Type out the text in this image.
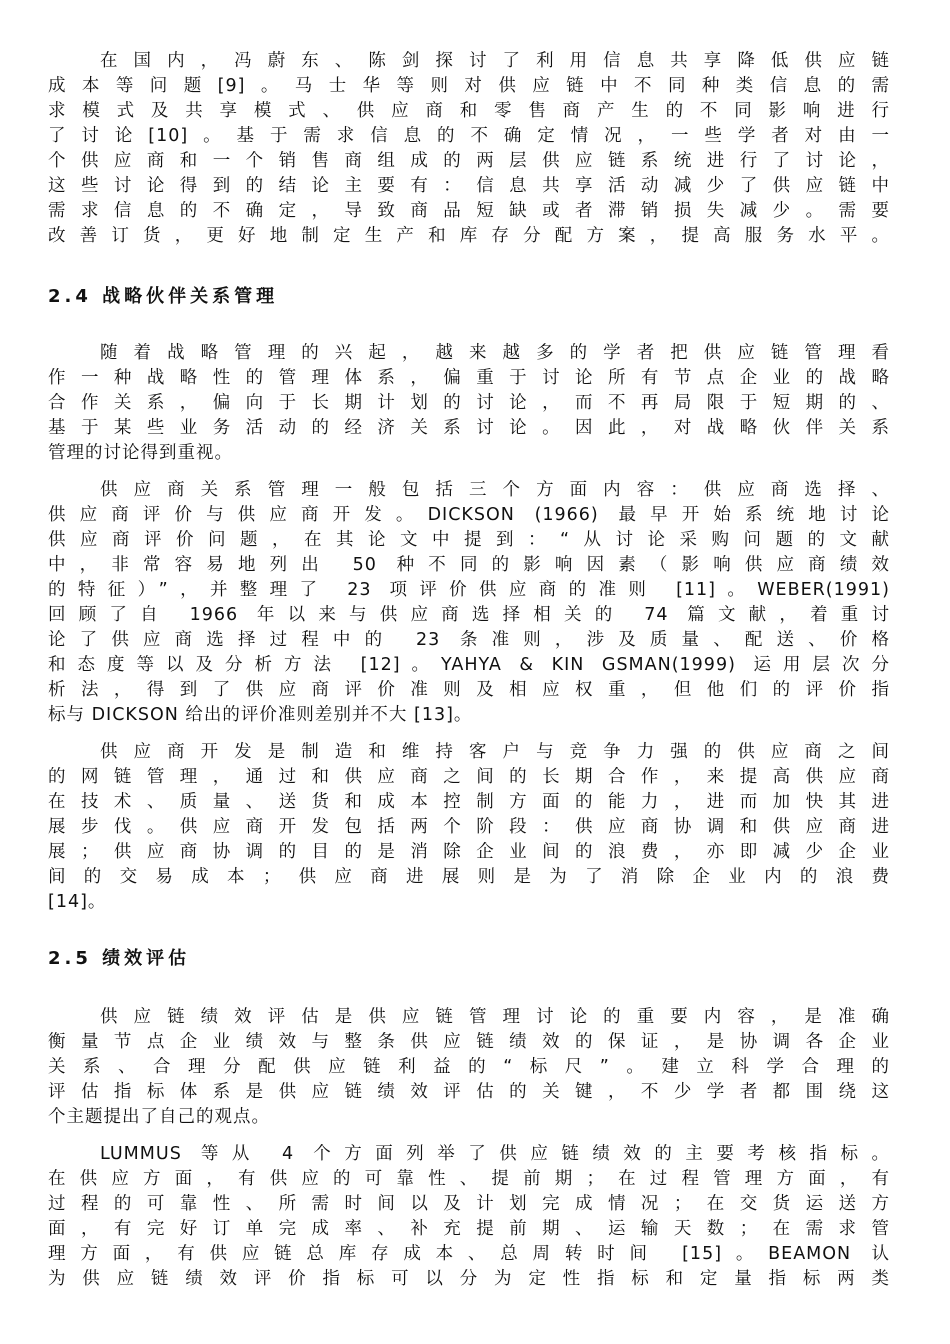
在国内，冯蔚东、陈剑探讨了利用信息共享降低供应链
成本等问题[9]。马士华等则对供应链中不同种类信息的需
求模式及共享模式、供应商和零售商产生的不同影响进行
了讨论[10]。基于需求信息的不确定情况，一些学者对由一
个供应商和一个销售商组成的两层供应链系统进行了讨论，
这些讨论得到的结论主要有：信息共享活动减少了供应链中
需求信息的不确定，导致商品短缺或者滞销损失减少。需要
改善订货，更好地制定生产和库存分配方案，提高服务水平。
2.4 战略伙伴关系管理
随着战略管理的兴起，越来越多的学者把供应链管理看
作一种战略性的管理体系，偏重于讨论所有节点企业的战略
合作关系，偏向于长期计划的讨论，而不再局限于短期的、
基于某些业务活动的经济关系讨论。因此，对战略伙伴关系
管理的讨论得到重视。
供应商关系管理一般包括三个方面内容：供应商选择、
供应商评价与供应商开发。DICKSON (1966) 最早开始系统地讨论
供应商评价问题，在其论文中提到：“从讨论采购问题的文献
中，非常容易地列出 50 种不同的影响因素（影响供应商绩效
的特征）”，并整理了 23 项评价供应商的准则 [11]。WEBER(1991)
回顾了自 1966 年以来与供应商选择相关的 74 篇文献，着重讨
论了供应商选择过程中的 23 条准则，涉及质量、配送、价格
和态度等以及分析方法 [12]。YAHYA & KIN GSMAN(1999) 运用层次分
析法，得到了供应商评价准则及相应权重，但他们的评价指
标与 DICKSON 给出的评价准则差别并不大 [13]。
供应商开发是制造和维持客户与竞争力强的供应商之间
的网链管理，通过和供应商之间的长期合作，来提高供应商
在技术、质量、送货和成本控制方面的能力，进而加快其进
展步伐。供应商开发包括两个阶段：供应商协调和供应商进
展；供应商协调的目的是消除企业间的浪费，亦即减少企业
间的交易成本；供应商进展则是为了消除企业内的浪费
[14]。
2.5 绩效评估
供应链绩效评估是供应链管理讨论的重要内容，是准确
衡量节点企业绩效与整条供应链绩效的保证，是协调各企业
关系、合理分配供应链利益的“标尺”。建立科学合理的
评估指标体系是供应链绩效评估的关键，不少学者都围绕这
个主题提出了自己的观点。
LUMMUS 等从 4 个方面列举了供应链绩效的主要考核指标。
在供应方面，有供应的可靠性、提前期；在过程管理方面，有
过程的可靠性、所需时间以及计划完成情况；在交货运送方
面，有完好订单完成率、补充提前期、运输天数；在需求管
理方面，有供应链总库存成本、总周转时间 [15]。BEAMON 认
为供应链绩效评价指标可以分为定性指标和定量指标两类
